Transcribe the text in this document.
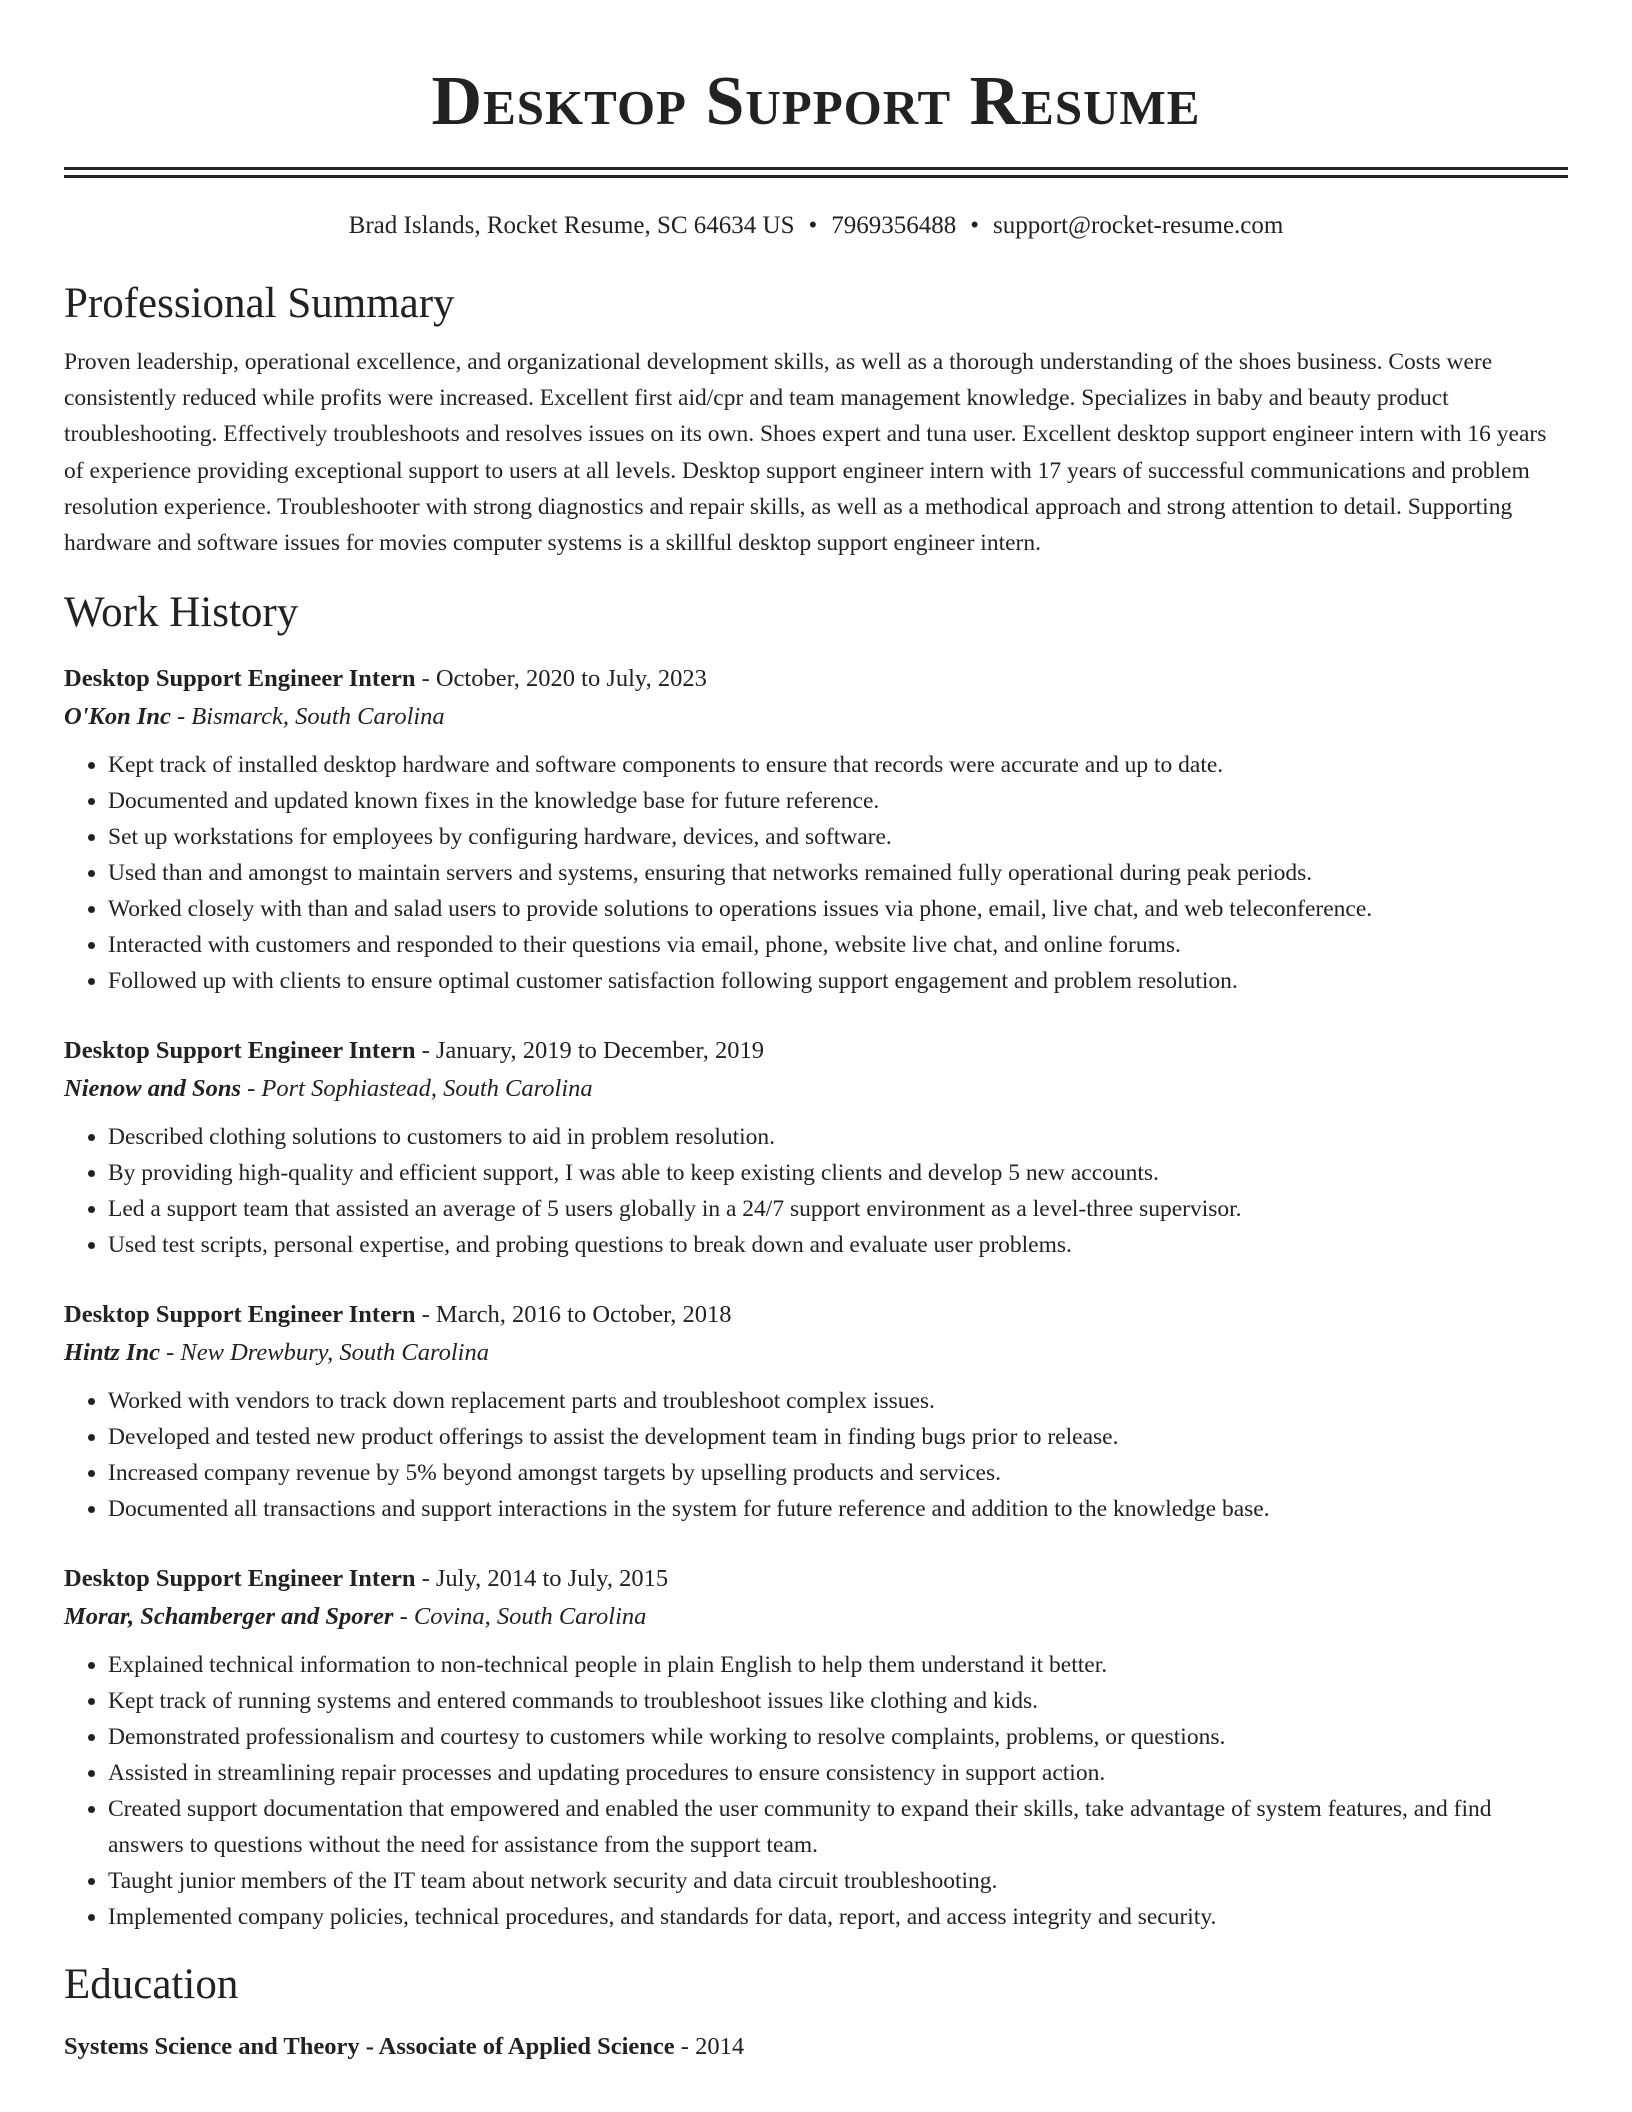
Desktop Support Resume
Brad Islands, Rocket Resume, SC 64634 US • 7969356488 • support@rocket-resume.com
Professional Summary

Proven leadership, operational excellence, and organizational development skills, as well as a thorough understanding of the shoes business. Costs were consistently reduced while profits were increased. Excellent first aid/cpr and team management knowledge. Specializes in baby and beauty product troubleshooting. Effectively troubleshoots and resolves issues on its own. Shoes expert and tuna user. Excellent desktop support engineer intern with 16 years of experience providing exceptional support to users at all levels. Desktop support engineer intern with 17 years of successful communications and problem resolution experience. Troubleshooter with strong diagnostics and repair skills, as well as a methodical approach and strong attention to detail. Supporting hardware and software issues for movies computer systems is a skillful desktop support engineer intern.

Work History
Desktop Support Engineer Intern - October, 2020 to July, 2023
O'Kon Inc - Bismarck, South Carolina
• Kept track of installed desktop hardware and software components to ensure that records were accurate and up to date.
• Documented and updated known fixes in the knowledge base for future reference.
• Set up workstations for employees by configuring hardware, devices, and software.
• Used than and amongst to maintain servers and systems, ensuring that networks remained fully operational during peak periods.
• Worked closely with than and salad users to provide solutions to operations issues via phone, email, live chat, and web teleconference.
• Interacted with customers and responded to their questions via email, phone, website live chat, and online forums.
• Followed up with clients to ensure optimal customer satisfaction following support engagement and problem resolution.
Desktop Support Engineer Intern - January, 2019 to December, 2019
Nienow and Sons - Port Sophiastead, South Carolina
• Described clothing solutions to customers to aid in problem resolution.
• By providing high-quality and efficient support, I was able to keep existing clients and develop 5 new accounts.
• Led a support team that assisted an average of 5 users globally in a 24/7 support environment as a level-three supervisor.
• Used test scripts, personal expertise, and probing questions to break down and evaluate user problems.
Desktop Support Engineer Intern - March, 2016 to October, 2018
Hintz Inc - New Drewbury, South Carolina
• Worked with vendors to track down replacement parts and troubleshoot complex issues.
• Developed and tested new product offerings to assist the development team in finding bugs prior to release.
• Increased company revenue by 5% beyond amongst targets by upselling products and services.
• Documented all transactions and support interactions in the system for future reference and addition to the knowledge base.
Desktop Support Engineer Intern - July, 2014 to July, 2015
Morar, Schamberger and Sporer - Covina, South Carolina
• Explained technical information to non-technical people in plain English to help them understand it better.
• Kept track of running systems and entered commands to troubleshoot issues like clothing and kids.
• Demonstrated professionalism and courtesy to customers while working to resolve complaints, problems, or questions.
• Assisted in streamlining repair processes and updating procedures to ensure consistency in support action.
• Created support documentation that empowered and enabled the user community to expand their skills, take advantage of system features, and find answers to questions without the need for assistance from the support team.
• Taught junior members of the IT team about network security and data circuit troubleshooting.
• Implemented company policies, technical procedures, and standards for data, report, and access integrity and security.
Education
Systems Science and Theory - Associate of Applied Science - 2014
